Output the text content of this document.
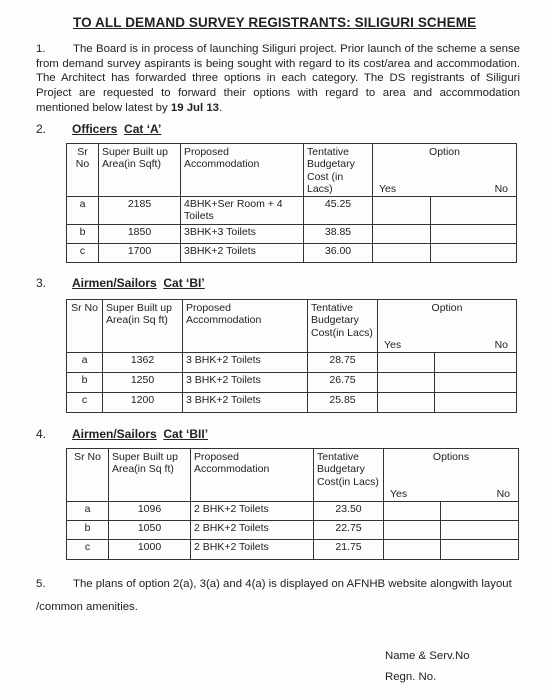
TO ALL DEMAND SURVEY REGISTRANTS: SILIGURI SCHEME
1. The Board is in process of launching Siliguri project. Prior launch of the scheme a sense from demand survey aspirants is being sought with regard to its cost/area and accommodation. The Architect has forwarded three options in each category. The DS registrants of Siliguri Project are requested to forward their options with regard to area and accommodation mentioned below latest by 19 Jul 13.
2. Officers Cat ‘A’
Sr No	Super Built up Area(in Sqft)	Proposed Accommodation	Tentative Budgetary Cost (in Lacs)	Option
Yes No	

a	2185	4BHK+Ser Room + 4 Toilets	45.25		
b	1850	3BHK+3 Toilets	38.85		
c	1700	3BHK+2 Toilets	36.00		
3. Airmen/Sailors Cat ‘BI’
Sr No	Super Built up Area(in Sq ft)	Proposed Accommodation	Tentative Budgetary Cost(in Lacs)	Option
Yes No	

a	1362	3 BHK+2 Toilets	28.75		
b	1250	3 BHK+2 Toilets	26.75		
c	1200	3 BHK+2 Toilets	25.85		
4. Airmen/Sailors Cat ‘BII’
Sr No	Super Built up Area(in Sq ft)	Proposed Accommodation	Tentative Budgetary Cost(in Lacs)	Options
Yes No	

a	1096	2 BHK+2 Toilets	23.50		
b	1050	2 BHK+2 Toilets	22.75		
c	1000	2 BHK+2 Toilets	21.75		
5. The plans of option 2(a), 3(a) and 4(a) is displayed on AFNHB website alongwith layout /common amenities.
Name & Serv.No
Regn. No.
